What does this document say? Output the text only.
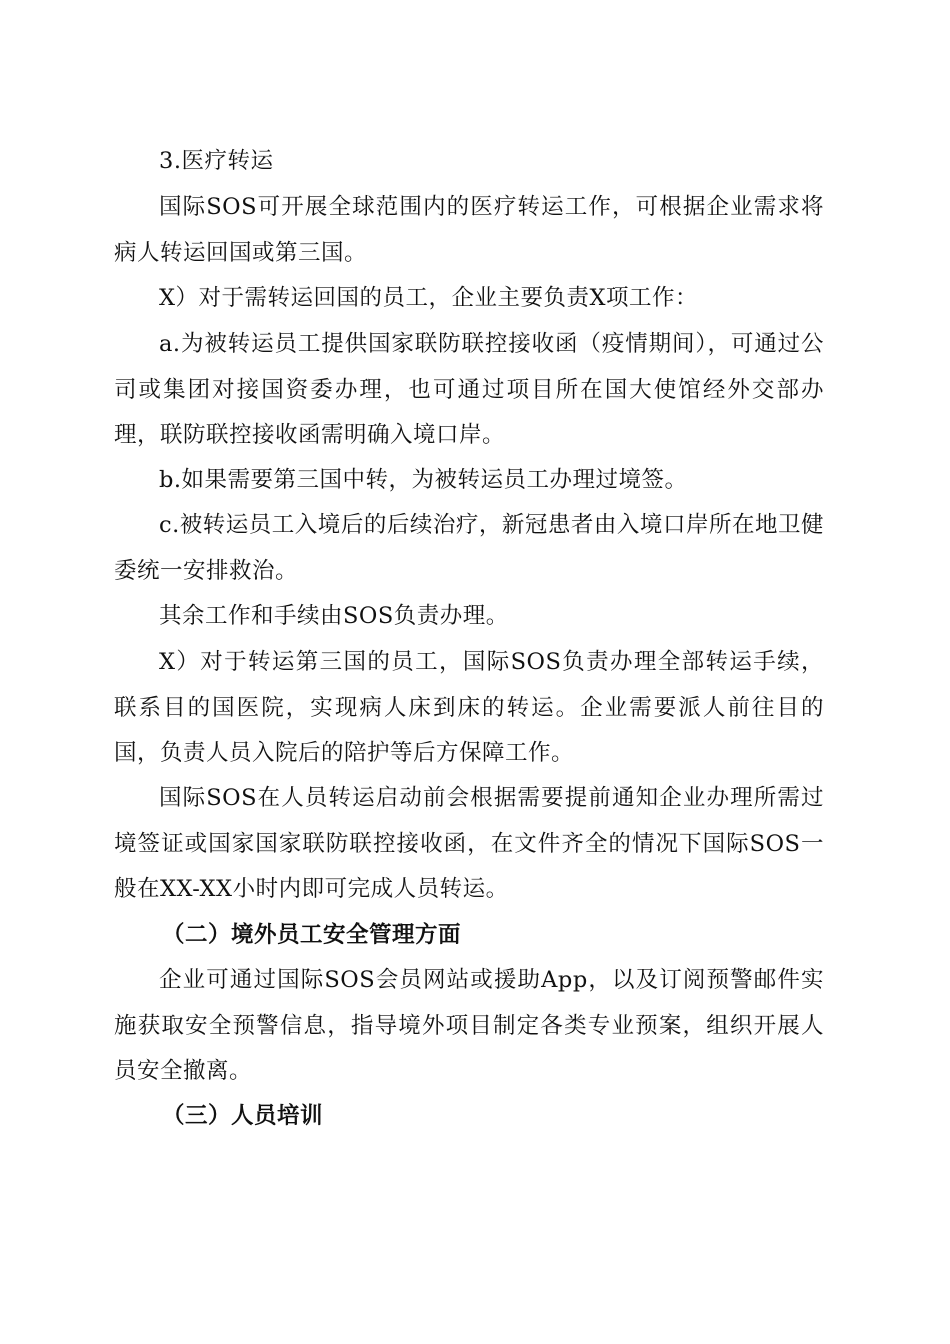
3.医疗转运

国际SOS可开展全球范围内的医疗转运工作，可根据企业需求将病人转运回国或第三国。

X）对于需转运回国的员工，企业主要负责X项工作：

a.为被转运员工提供国家联防联控接收函（疫情期间），可通过公司或集团对接国资委办理，也可通过项目所在国大使馆经外交部办理，联防联控接收函需明确入境口岸。

b.如果需要第三国中转，为被转运员工办理过境签。

c.被转运员工入境后的后续治疗，新冠患者由入境口岸所在地卫健委统一安排救治。

其余工作和手续由SOS负责办理。

X）对于转运第三国的员工，国际SOS负责办理全部转运手续，联系目的国医院，实现病人床到床的转运。企业需要派人前往目的国，负责人员入院后的陪护等后方保障工作。

国际SOS在人员转运启动前会根据需要提前通知企业办理所需过境签证或国家国家联防联控接收函，在文件齐全的情况下国际SOS一般在XX-XX小时内即可完成人员转运。

（二）境外员工安全管理方面

企业可通过国际SOS会员网站或援助App，以及订阅预警邮件实施获取安全预警信息，指导境外项目制定各类专业预案，组织开展人员安全撤离。

（三）人员培训
